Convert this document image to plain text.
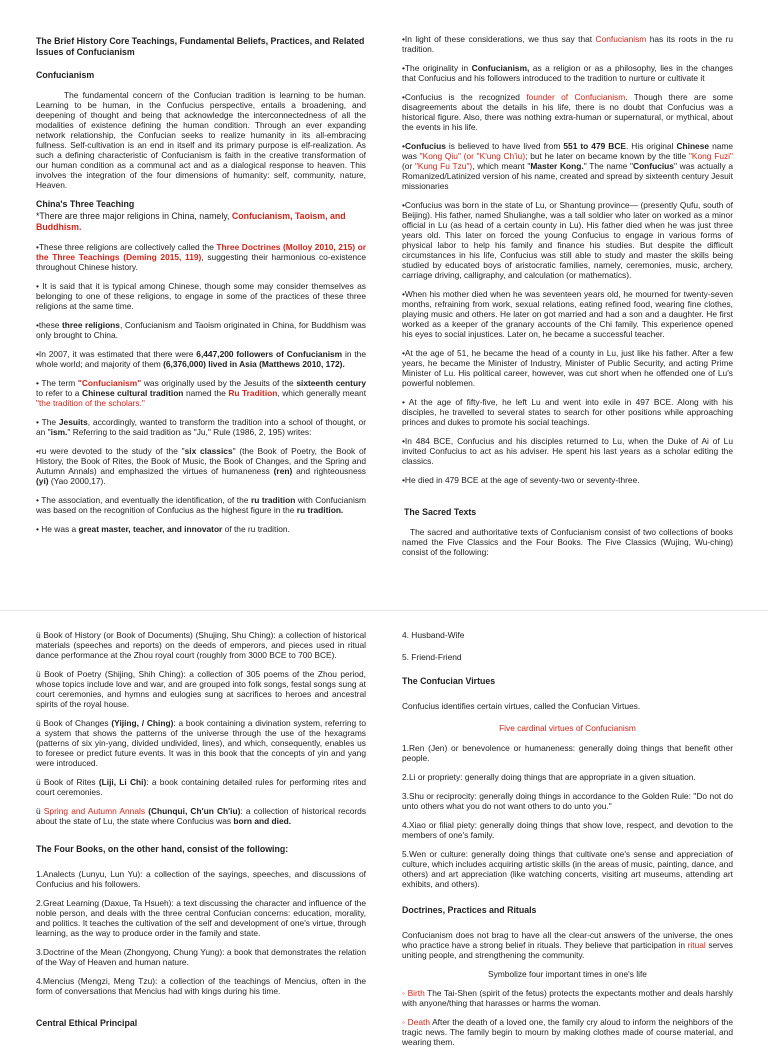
The Brief History Core Teachings, Fundamental Beliefs, Practices, and Related Issues of Confucianism

Confucianism

The fundamental concern of the Confucian tradition is learning to be human. Learning to be human, in the Confucius perspective, entails a broadening, and deepening of thought and being that acknowledge the interconnectedness of all the modalities of existence defining the human condition. Through an ever expanding network relationship, the Confucian seeks to realize humanity in its all-embracing fullness. Self-cultivation is an end in itself and its primary purpose is elf-realization. As such a defining characteristic of Confucianism is faith in the creative transformation of our human condition as a communal act and as a dialogical response to heaven. This involves the integration of the four dimensions of humanity: self, community, nature, Heaven.

China's Three Teaching

*There are three major religions in China, namely, Confucianism, Taoism, and Buddhism.

•These three religions are collectively called the Three Doctrines (Molloy 2010, 215) or the Three Teachings (Deming 2015, 119), suggesting their harmonious co-existence throughout Chinese history.

• It is said that it is typical among Chinese, though some may consider themselves as belonging to one of these religions, to engage in some of the practices of these three religions at the same time.

•these three religions, Confucianism and Taoism originated in China, for Buddhism was only brought to China.

•In 2007, it was estimated that there were 6,447,200 followers of Confucianism in the whole world; and majority of them (6,376,000) lived in Asia (Matthews 2010, 172).

• The term "Confucianism" was originally used by the Jesuits of the sixteenth century to refer to a Chinese cultural tradition named the Ru Tradition, which generally meant "the tradition of the scholars."

• The Jesuits, accordingly, wanted to transform the tradition into a school of thought, or an "ism." Referring to the said tradition as "Ju," Rule (1986, 2, 195) writes:

•ru were devoted to the study of the "six classics" (the Book of Poetry, the Book of History, the Book of Rites, the Book of Music, the Book of Changes, and the Spring and Autumn Annals) and emphasized the virtues of humaneness (ren) and righteousness (yi) (Yao 2000,17).

• The association, and eventually the identification, of the ru tradition with Confucianism was based on the recognition of Confucius as the highest figure in the ru tradition.

• He was a great master, teacher, and innovator of the ru tradition.

•In light of these considerations, we thus say that Confucianism has its roots in the ru tradition.

•The originality in Confucianism, as a religion or as a philosophy, lies in the changes that Confucius and his followers introduced to the tradition to nurture or cultivate it

•Confucius is the recognized founder of Confucianism. Though there are some disagreements about the details in his life, there is no doubt that Confucius was a historical figure. Also, there was nothing extra-human or supernatural, or mythical, about the events in his life.

•Confucius is believed to have lived from 551 to 479 BCE. His original Chinese name was "Kong Qiu" (or "K'ung Ch'iu); but he later on became known by the title "Kong Fuzi" (or "Kung Fu Tzu"), which meant "Master Kong." The name "Confucius" was actually a Romanized/Latinized version of his name, created and spread by sixteenth century Jesuit missionaries

•Confucius was born in the state of Lu, or Shantung province— (presently Qufu, south of Beijing). His father, named Shulianghe, was a tall soldier who later on worked as a minor official in Lu (as head of a certain county in Lu). His father died when he was just three years old. This later on forced the young Confucius to engage in various forms of physical labor to help his family and finance his studies. But despite the difficult circumstances in his life, Confucius was still able to study and master the skills being studied by educated boys of aristocratic families, namely, ceremonies, music, archery, carriage driving, calligraphy, and calculation (or mathematics).

•When his mother died when he was seventeen years old, he mourned for twenty-seven months, refraining from work, sexual relations, eating refined food, wearing fine clothes, playing music and others. He later on got married and had a son and a daughter. He first worked as a keeper of the granary accounts of the Chi family. This experience opened his eyes to social injustices. Later on, he became a successful teacher.

•At the age of 51, he became the head of a county in Lu, just like his father. After a few years, he became the Minister of Industry, Minister of Public Security, and acting Prime Minister of Lu. His political career, however, was cut short when he offended one of Lu's powerful noblemen.

• At the age of fifty-five, he left Lu and went into exile in 497 BCE. Along with his disciples, he travelled to several states to search for other positions while approaching princes and dukes to promote his social teachings.

•In 484 BCE, Confucius and his disciples returned to Lu, when the Duke of Ai of Lu invited Confucius to act as his adviser. He spent his last years as a scholar editing the classics.

•He died in 479 BCE at the age of seventy-two or seventy-three.

The Sacred Texts

The sacred and authoritative texts of Confucianism consist of two collections of books named the Five Classics and the Four Books. The Five Classics (Wujing, Wu-ching) consist of the following:

ü Book of History (or Book of Documents) (Shujing, Shu Ching): a collection of historical materials (speeches and reports) on the deeds of emperors, and pieces used in ritual dance performance at the Zhou royal court (roughly from 3000 BCE to 700 BCE).

ü Book of Poetry (Shijing, Shih Ching): a collection of 305 poems of the Zhou period, whose topics include love and war, and are grouped into folk songs, festal songs sung at court ceremonies, and hymns and eulogies sung at sacrifices to heroes and ancestral spirits of the royal house.

ü Book of Changes (Yijing, / Ching): a book containing a divination system, referring to a system that shows the patterns of the universe through the use of the hexagrams (patterns of six yin-yang, divided undivided, lines), and which, consequently, enables us to foresee or predict future events. It was in this book that the concepts of yin and yang were introduced.

ü Book of Rites (Liji, Li Chi): a book containing detailed rules for performing rites and court ceremonies.

ü Spring and Autumn Annals (Chunqui, Ch'un Ch'iu): a collection of historical records about the state of Lu, the state where Confucius was born and died.

The Four Books, on the other hand, consist of the following:

1.Analects (Lunyu, Lun Yu): a collection of the sayings, speeches, and discussions of Confucius and his followers.

2.Great Learning (Daxue, Ta Hsueh): a text discussing the character and influence of the noble person, and deals with the three central Confucian concerns: education, morality, and politics. It teaches the cultivation of the self and development of one's virtue, through learning, as the way to produce order in the family and state.

3.Doctrine of the Mean (Zhongyong, Chung Yung): a book that demonstrates the relation of the Way of Heaven and human nature.

4.Mencius (Mengzi, Meng Tzu): a collection of the teachings of Mencius, often in the form of conversations that Mencius had with kings during his time.

Central Ethical Principal

4. Husband-Wife

5. Friend-Friend

The Confucian Virtues

Confucius identifies certain virtues, called the Confucian Virtues.

Five cardinal virtues of Confucianism

1.Ren (Jen) or benevolence or humaneness: generally doing things that benefit other people.

2.Li or propriety: generally doing things that are appropriate in a given situation.

3.Shu or reciprocity: generally doing things in accordance to the Golden Rule: "Do not do unto others what you do not want others to do unto you."

4.Xiao or filial piety: generally doing things that show love, respect, and devotion to the members of one's family.

5.Wen or culture: generally doing things that cultivate one's sense and appreciation of culture, which includes acquiring artistic skills (in the areas of music, painting, dance, and others) and art appreciation (like watching concerts, visiting art museums, attending art exhibits, and others).

Doctrines, Practices and Rituals

Confucianism does not brag to have all the clear-cut answers of the universe, the ones who practice have a strong belief in rituals. They believe that participation in ritual serves uniting people, and strengthening the community.

Symbolize four important times in one's life

◦ Birth The Tai-Shen (spirit of the fetus) protects the expectants mother and deals harshly with anyone/thing that harasses or harms the woman.

◦ Death After the death of a loved one, the family cry aloud to inform the neighbors of the tragic news. The family begin to mourn by making clothes made of course material, and wearing them.
